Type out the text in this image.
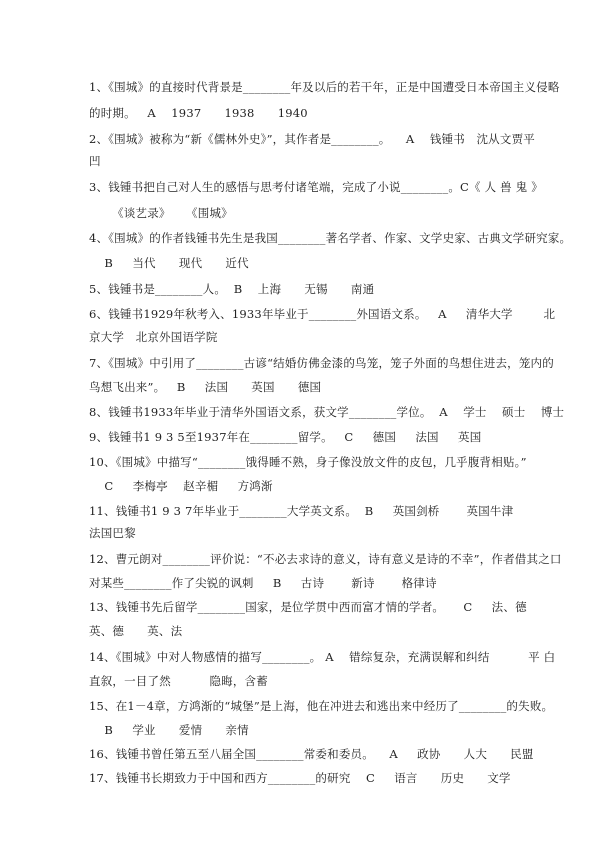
1、《围城》的直接时代背景是________年及以后的若干年，正是中国遭受日本帝国主义侵略
的时期。   A    1937      1938      1940
2、《围城》被称为“新《儒林外史》”，其作者是________。    A    钱锺书   沈从文贾平
凹
3、钱锺书把自己对人生的感悟与思考付诸笔端，完成了小说________。C《 人 兽 鬼 》
《谈艺录》    《围城》
4、《围城》的作者钱锺书先生是我国________著名学者、作家、文学史家、古典文学研究家。
B     当代      现代      近代
5、钱锺书是________人。  B    上海      无锡      南通
6、钱锺书1929年秋考入、1933年毕业于________外国语文系。   A     清华大学        北
京大学   北京外国语学院
7、《围城》中引用了________古谚“结婚仿佛金漆的鸟笼，笼子外面的鸟想住进去，笼内的
鸟想飞出来”。   B     法国      英国      德国
8、钱锺书1933年毕业于清华外国语文系，获文学________学位。  A    学士    硕士    博士
9、钱锺书1 9 3 5至1937年在________留学。   C     德国     法国     英国
10、《围城》中描写“________饿得睡不熟，身子像没放文件的皮包，几乎腹背相贴。”
C     李梅亭    赵辛楣     方鸿渐
11、钱锺书1 9 3 7年毕业于________大学英文系。  B     英国剑桥       英国牛津
法国巴黎
12、曹元朗对________评价说：“不必去求诗的意义，诗有意义是诗的不幸”，作者借其之口
对某些________作了尖锐的讽刺     B     古诗       新诗       格律诗
13、钱锺书先后留学________国家，是位学贯中西而富才情的学者。     C     法、德
英、德      英、法
14、《围城》中对人物感情的描写________。 A    错综复杂，充满误解和纠结          平 白
直叙，一目了然          隐晦，含蓄
15、在1－4章，方鸿渐的“城堡”是上海，他在冲进去和逃出来中经历了________的失败。
B     学业      爱情      亲情
16、钱锺书曾任第五至八届全国________常委和委员。    A     政协      人大      民盟
17、钱锺书长期致力于中国和西方________的研究    C     语言      历史      文学
